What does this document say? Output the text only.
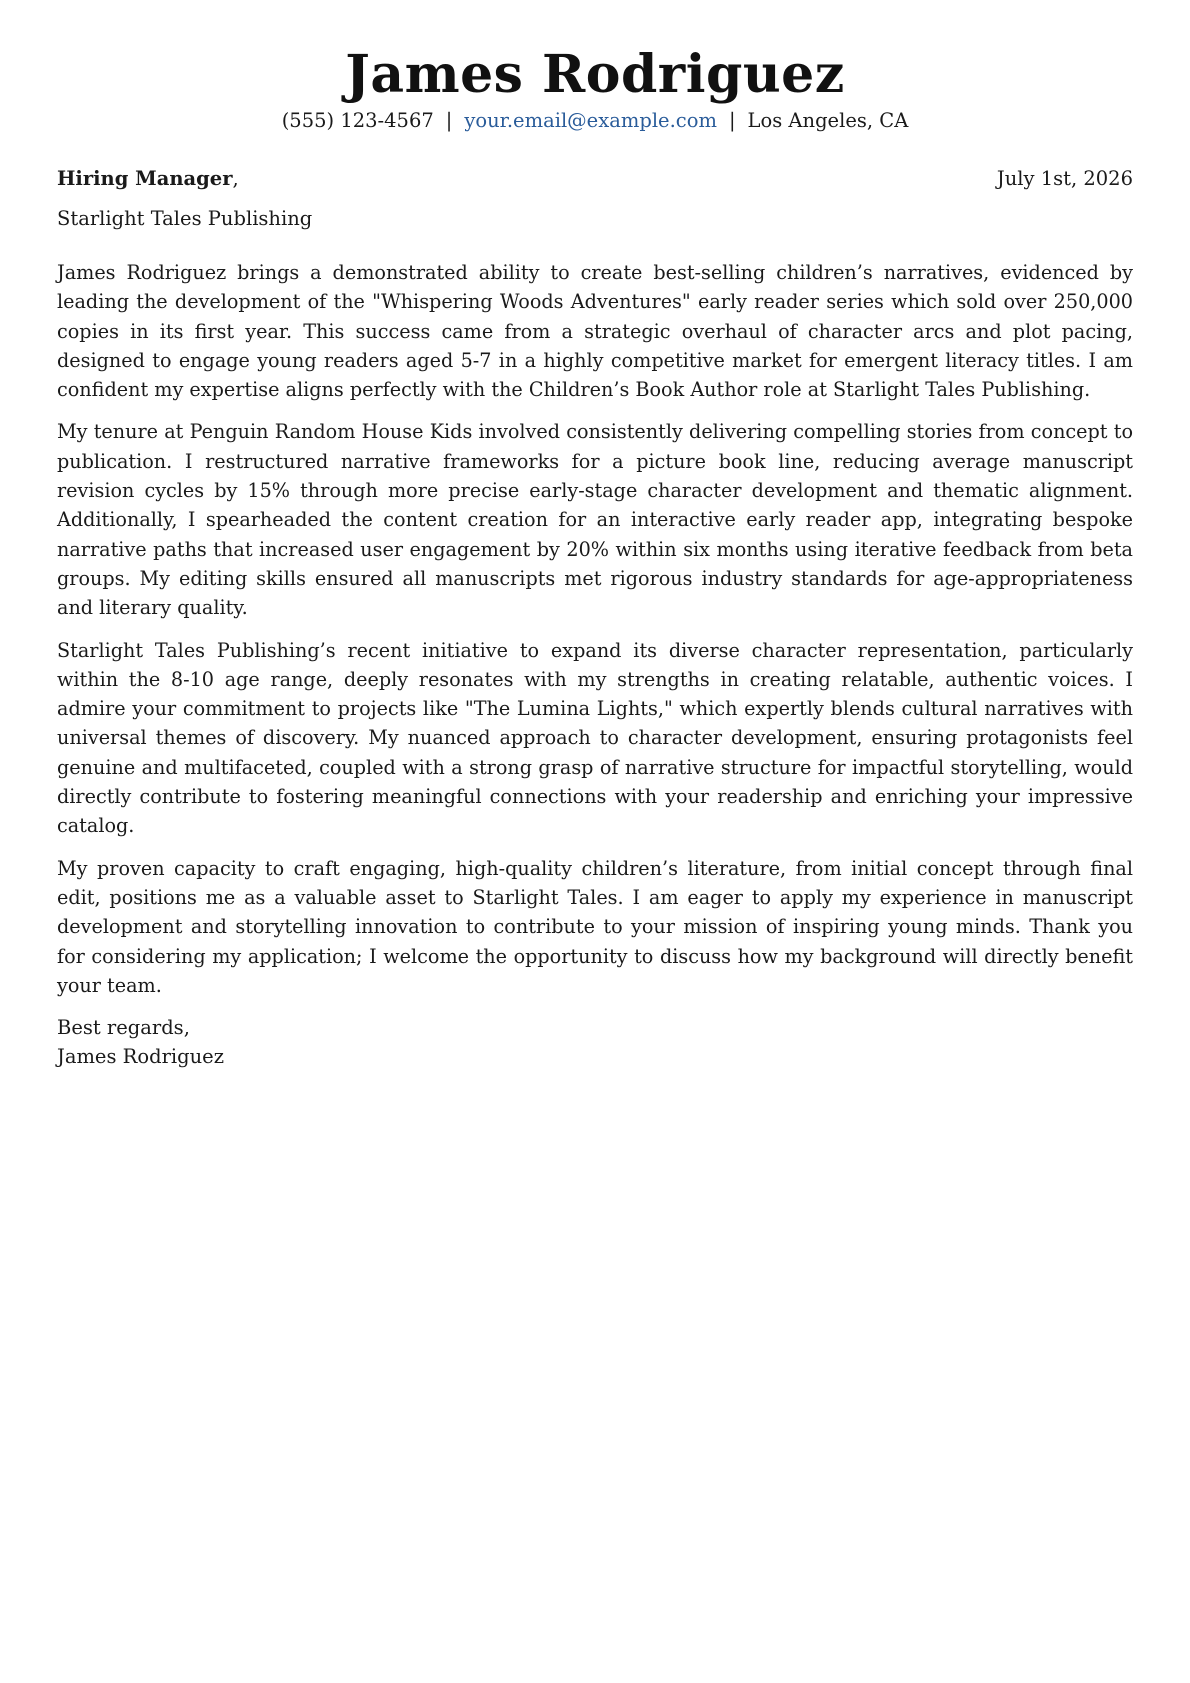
James Rodriguez
(555) 123-4567 | your.email@example.com | Los Angeles, CA
Hiring Manager,	July 1st, 2026
Starlight Tales Publishing

James Rodriguez brings a demonstrated ability to create best-selling children’s narratives, evidenced by leading the development of the "Whispering Woods Adventures" early reader series which sold over 250,000 copies in its first year. This success came from a strategic overhaul of character arcs and plot pacing, designed to engage young readers aged 5-7 in a highly competitive market for emergent literacy titles. I am confident my expertise aligns perfectly with the Children’s Book Author role at Starlight Tales Publishing.

My tenure at Penguin Random House Kids involved consistently delivering compelling stories from concept to publication. I restructured narrative frameworks for a picture book line, reducing average manuscript revision cycles by 15% through more precise early-stage character development and thematic alignment. Additionally, I spearheaded the content creation for an interactive early reader app, integrating bespoke narrative paths that increased user engagement by 20% within six months using iterative feedback from beta groups. My editing skills ensured all manuscripts met rigorous industry standards for age-appropriateness and literary quality.

Starlight Tales Publishing’s recent initiative to expand its diverse character representation, particularly within the 8-10 age range, deeply resonates with my strengths in creating relatable, authentic voices. I admire your commitment to projects like "The Lumina Lights," which expertly blends cultural narratives with universal themes of discovery. My nuanced approach to character development, ensuring protagonists feel genuine and multifaceted, coupled with a strong grasp of narrative structure for impactful storytelling, would directly contribute to fostering meaningful connections with your readership and enriching your impressive catalog.

My proven capacity to craft engaging, high-quality children’s literature, from initial concept through final edit, positions me as a valuable asset to Starlight Tales. I am eager to apply my experience in manuscript development and storytelling innovation to contribute to your mission of inspiring young minds. Thank you for considering my application; I welcome the opportunity to discuss how my background will directly benefit your team.

Best regards,
James Rodriguez
